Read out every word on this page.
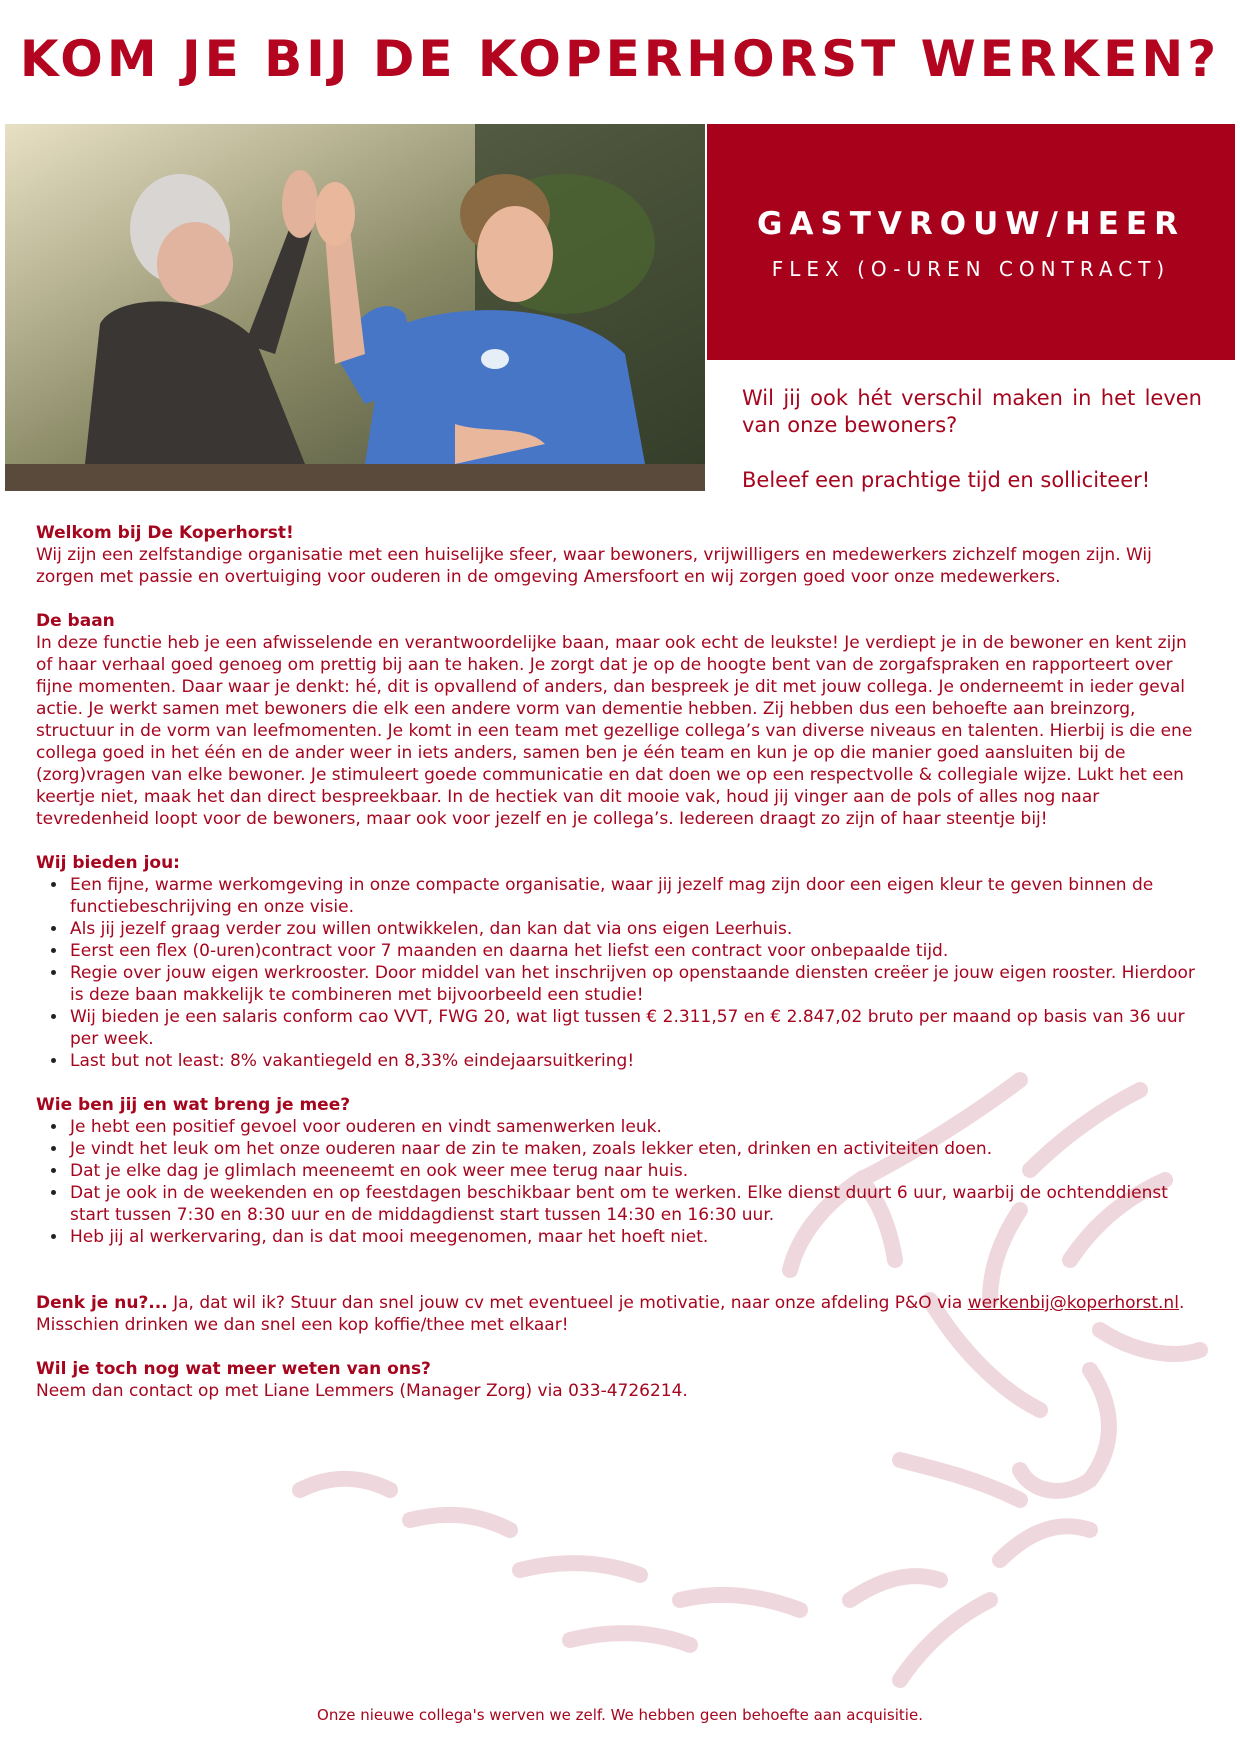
KOM JE BIJ DE KOPERHORST WERKEN?
GASTVROUW/HEER
FLEX (O-UREN CONTRACT)

Wil jij ook hét verschil maken in het leven van onze bewoners?

Beleef een prachtige tijd en solliciteer!

Welkom bij De Koperhorst!

Wij zijn een zelfstandige organisatie met een huiselijke sfeer, waar bewoners, vrijwilligers en medewerkers zichzelf mogen zijn. Wij zorgen met passie en overtuiging voor ouderen in de omgeving Amersfoort en wij zorgen goed voor onze medewerkers.

De baan

In deze functie heb je een afwisselende en verantwoordelijke baan, maar ook echt de leukste! Je verdiept je in de bewoner en kent zijn of haar verhaal goed genoeg om prettig bij aan te haken. Je zorgt dat je op de hoogte bent van de zorgafspraken en rapporteert over fijne momenten. Daar waar je denkt: hé, dit is opvallend of anders, dan bespreek je dit met jouw collega. Je onderneemt in ieder geval actie. Je werkt samen met bewoners die elk een andere vorm van dementie hebben. Zij hebben dus een behoefte aan breinzorg, structuur in de vorm van leefmomenten. Je komt in een team met gezellige collega’s van diverse niveaus en talenten. Hierbij is die ene collega goed in het één en de ander weer in iets anders, samen ben je één team en kun je op die manier goed aansluiten bij de (zorg)vragen van elke bewoner. Je stimuleert goede communicatie en dat doen we op een respectvolle & collegiale wijze. Lukt het een keertje niet, maak het dan direct bespreekbaar. In de hectiek van dit mooie vak, houd jij vinger aan de pols of alles nog naar tevredenheid loopt voor de bewoners, maar ook voor jezelf en je collega’s. Iedereen draagt zo zijn of haar steentje bij!

Wij bieden jou:
• Een fijne, warme werkomgeving in onze compacte organisatie, waar jij jezelf mag zijn door een eigen kleur te geven binnen de functiebeschrijving en onze visie.
• Als jij jezelf graag verder zou willen ontwikkelen, dan kan dat via ons eigen Leerhuis.
• Eerst een flex (0-uren)contract voor 7 maanden en daarna het liefst een contract voor onbepaalde tijd.
• Regie over jouw eigen werkrooster. Door middel van het inschrijven op openstaande diensten creëer je jouw eigen rooster. Hierdoor is deze baan makkelijk te combineren met bijvoorbeeld een studie!
• Wij bieden je een salaris conform cao VVT, FWG 20, wat ligt tussen € 2.311,57 en € 2.847,02 bruto per maand op basis van 36 uur per week.
• Last but not least: 8% vakantiegeld en 8,33% eindejaarsuitkering!
Wie ben jij en wat breng je mee?
• Je hebt een positief gevoel voor ouderen en vindt samenwerken leuk.
• Je vindt het leuk om het onze ouderen naar de zin te maken, zoals lekker eten, drinken en activiteiten doen.
• Dat je elke dag je glimlach meeneemt en ook weer mee terug naar huis.
• Dat je ook in de weekenden en op feestdagen beschikbaar bent om te werken. Elke dienst duurt 6 uur, waarbij de ochtenddienst start tussen 7:30 en 8:30 uur en de middagdienst start tussen 14:30 en 16:30 uur.
• Heb jij al werkervaring, dan is dat mooi meegenomen, maar het hoeft niet.

Denk je nu?... Ja, dat wil ik? Stuur dan snel jouw cv met eventueel je motivatie, naar onze afdeling P&O via werkenbij@koperhorst.nl.

Misschien drinken we dan snel een kop koffie/thee met elkaar!

Wil je toch nog wat meer weten van ons?

Neem dan contact op met Liane Lemmers (Manager Zorg) via 033-4726214.

Onze nieuwe collega's werven we zelf. We hebben geen behoefte aan acquisitie.
